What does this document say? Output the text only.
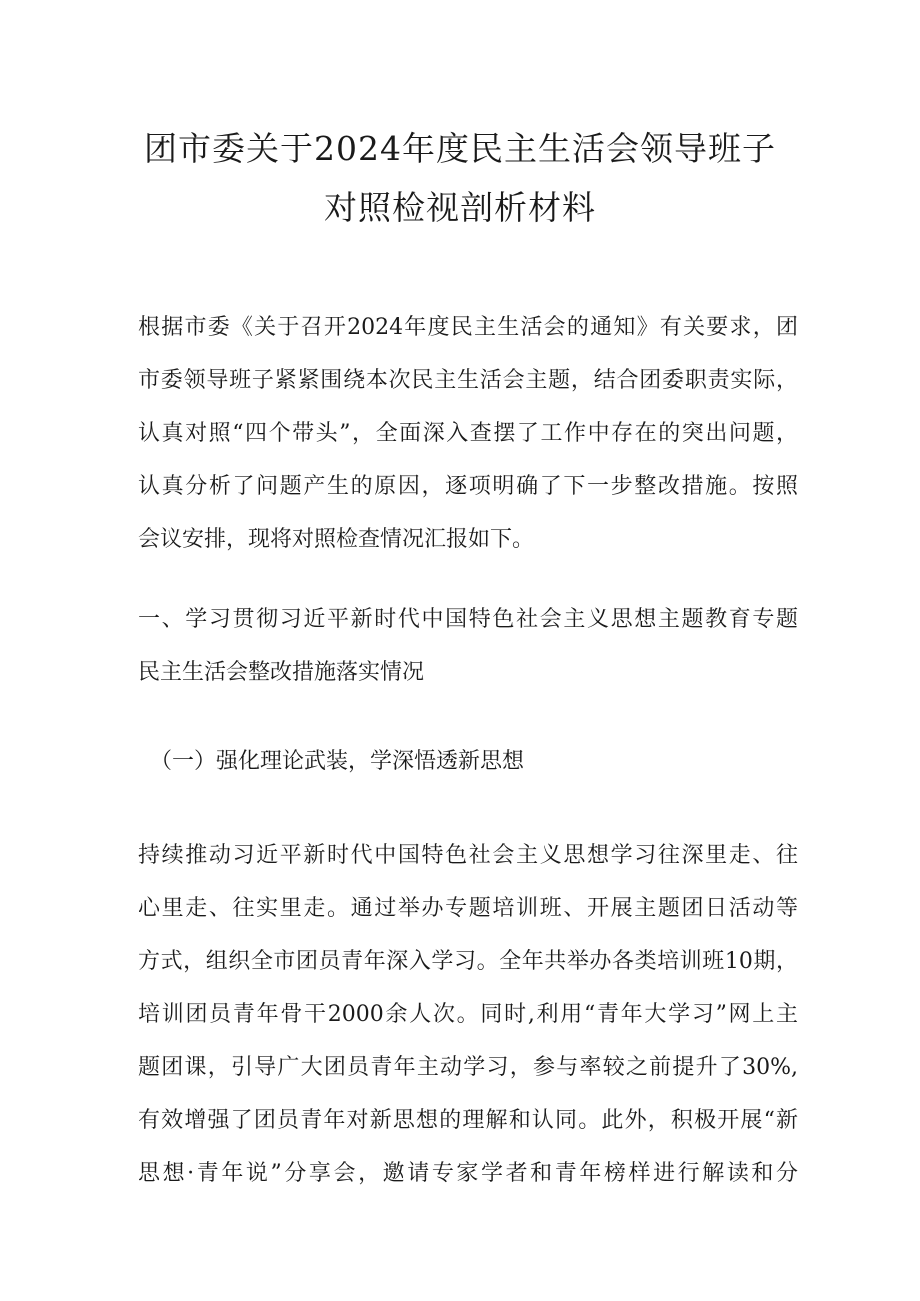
团市委关于2024年度民主生活会领导班子
对照检视剖析材料
根据市委《关于召开2024年度民主生活会的通知》有关要求，团
市委领导班子紧紧围绕本次民主生活会主题，结合团委职责实际，
认真对照“四个带头”，全面深入查摆了工作中存在的突出问题，
认真分析了问题产生的原因，逐项明确了下一步整改措施。按照
会议安排，现将对照检查情况汇报如下。
一、学习贯彻习近平新时代中国特色社会主义思想主题教育专题
民主生活会整改措施落实情况
（一）强化理论武装，学深悟透新思想
持续推动习近平新时代中国特色社会主义思想学习往深里走、往
心里走、往实里走。通过举办专题培训班、开展主题团日活动等
方式，组织全市团员青年深入学习。全年共举办各类培训班10期，
培训团员青年骨干2000余人次。同时,利用“青年大学习”网上主
题团课，引导广大团员青年主动学习，参与率较之前提升了30%,
有效增强了团员青年对新思想的理解和认同。此外，积极开展“新
思想·青年说”分享会，邀请专家学者和青年榜样进行解读和分
